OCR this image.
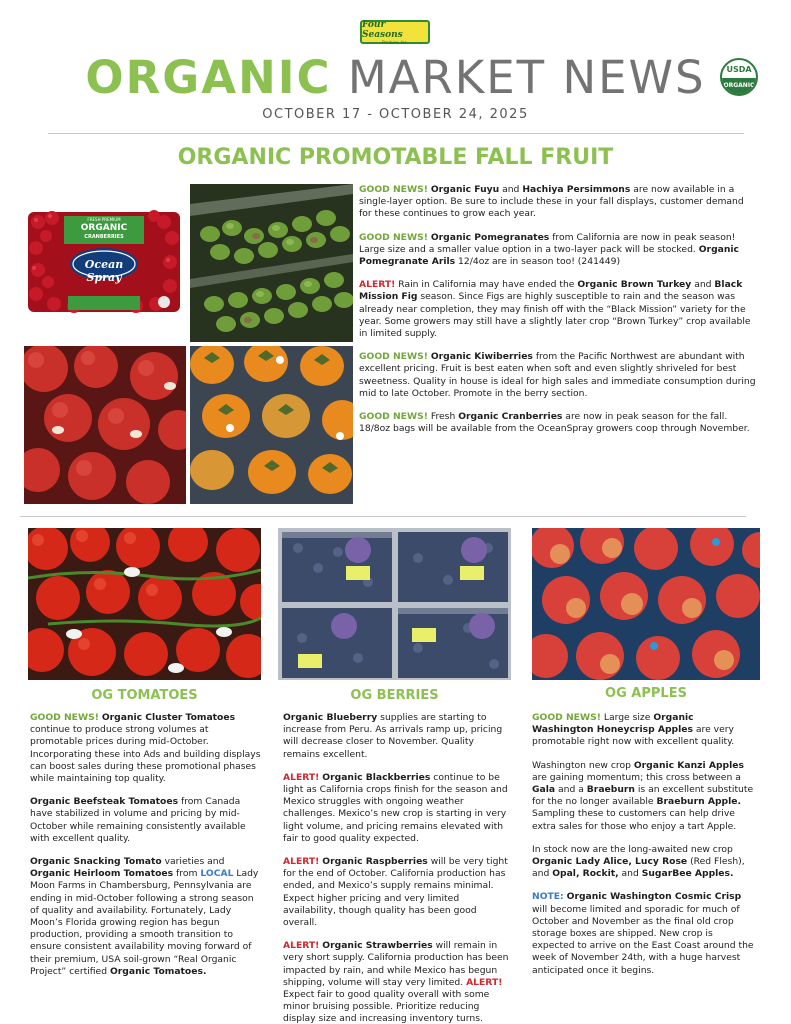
Four Seasons
Produce, Inc.
ORGANIC MARKET NEWS	USDA
ORGANIC
OCTOBER 17 - OCTOBER 24, 2025
ORGANIC PROMOTABLE FALL FRUIT
FRESH PREMIUM
ORGANIC
CRANBERRIES
Ocean Spray

GOOD NEWS! Organic Fuyu and Hachiya Persimmons are now available in a single-layer option. Be sure to include these in your fall displays, customer demand for these continues to grow each year.

GOOD NEWS! Organic Pomegranates from California are now in peak season! Large size and a smaller value option in a two-layer pack will be stocked. Organic Pomegranate Arils 12/4oz are in season too! (241449)

ALERT! Rain in California may have ended the Organic Brown Turkey and Black Mission Fig season. Since Figs are highly susceptible to rain and the season was already near completion, they may finish off with the “Black Mission” variety for the year. Some growers may still have a slightly later crop “Brown Turkey” crop available in limited supply.

GOOD NEWS! Organic Kiwiberries from the Pacific Northwest are abundant with excellent pricing. Fruit is best eaten when soft and even slightly shriveled for best sweetness. Quality in house is ideal for high sales and immediate consumption during mid to late October. Promote in the berry section.

GOOD NEWS! Fresh Organic Cranberries are now in peak season for the fall. 18/8oz bags will be available from the OceanSpray growers coop through November.

OG TOMATOES	OG BERRIES	OG APPLES

GOOD NEWS! Organic Cluster Tomatoes continue to produce strong volumes at promotable prices during mid-October. Incorporating these into Ads and building displays can boost sales during these promotional phases while maintaining top quality.

Organic Beefsteak Tomatoes from Canada have stabilized in volume and pricing by mid-October while remaining consistently available with excellent quality.

Organic Snacking Tomato varieties and Organic Heirloom Tomatoes from LOCAL Lady Moon Farms in Chambersburg, Pennsylvania are ending in mid-October following a strong season of quality and availability. Fortunately, Lady Moon’s Florida growing region has begun production, providing a smooth transition to ensure consistent availability moving forward of their premium, USA soil-grown “Real Organic Project” certified Organic Tomatoes.

Organic Blueberry supplies are starting to increase from Peru. As arrivals ramp up, pricing will decrease closer to November. Quality remains excellent.

ALERT! Organic Blackberries continue to be light as California crops finish for the season and Mexico struggles with ongoing weather challenges. Mexico’s new crop is starting in very light volume, and pricing remains elevated with fair to good quality expected.

ALERT! Organic Raspberries will be very tight for the end of October. California production has ended, and Mexico’s supply remains minimal. Expect higher pricing and very limited availability, though quality has been good overall.

ALERT! Organic Strawberries will remain in very short supply. California production has been impacted by rain, and while Mexico has begun shipping, volume will stay very limited. ALERT! Expect fair to good quality overall with some minor bruising possible. Prioritize reducing display size and increasing inventory turns.

GOOD NEWS! Large size Organic Washington Honeycrisp Apples are very promotable right now with excellent quality.

Washington new crop Organic Kanzi Apples are gaining momentum; this cross between a Gala and a Braeburn is an excellent substitute for the no longer available Braeburn Apple. Sampling these to customers can help drive extra sales for those who enjoy a tart Apple.

In stock now are the long-awaited new crop Organic Lady Alice, Lucy Rose (Red Flesh), and Opal, Rockit, and SugarBee Apples.

NOTE: Organic Washington Cosmic Crisp will become limited and sporadic for much of October and November as the final old crop storage boxes are shipped. New crop is expected to arrive on the East Coast around the week of November 24th, with a huge harvest anticipated once it begins.
